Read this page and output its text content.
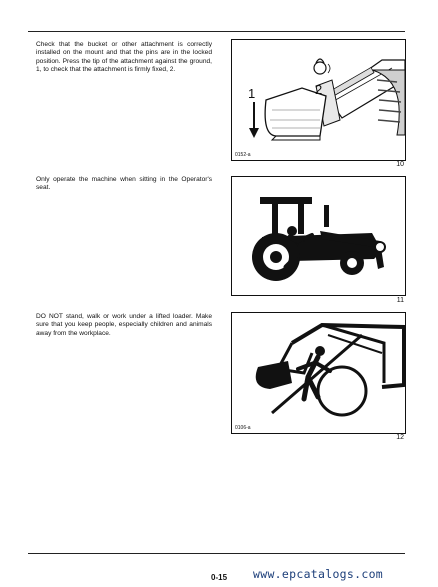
Check that the bucket or other attachment is correctly installed on the mount and that the pins are in the locked position. Press the tip of the attachment against the ground, 1, to check that the attachment is firmly fixed, 2.
1	2
0152-a
10
Only operate the machine when sitting in the Operator's seat.
11
DO NOT stand, walk or work under a lifted loader. Make sure that you keep people, especially children and animals away from the workplace.
0106-a
12
www.epcatalogs.com
0-15
